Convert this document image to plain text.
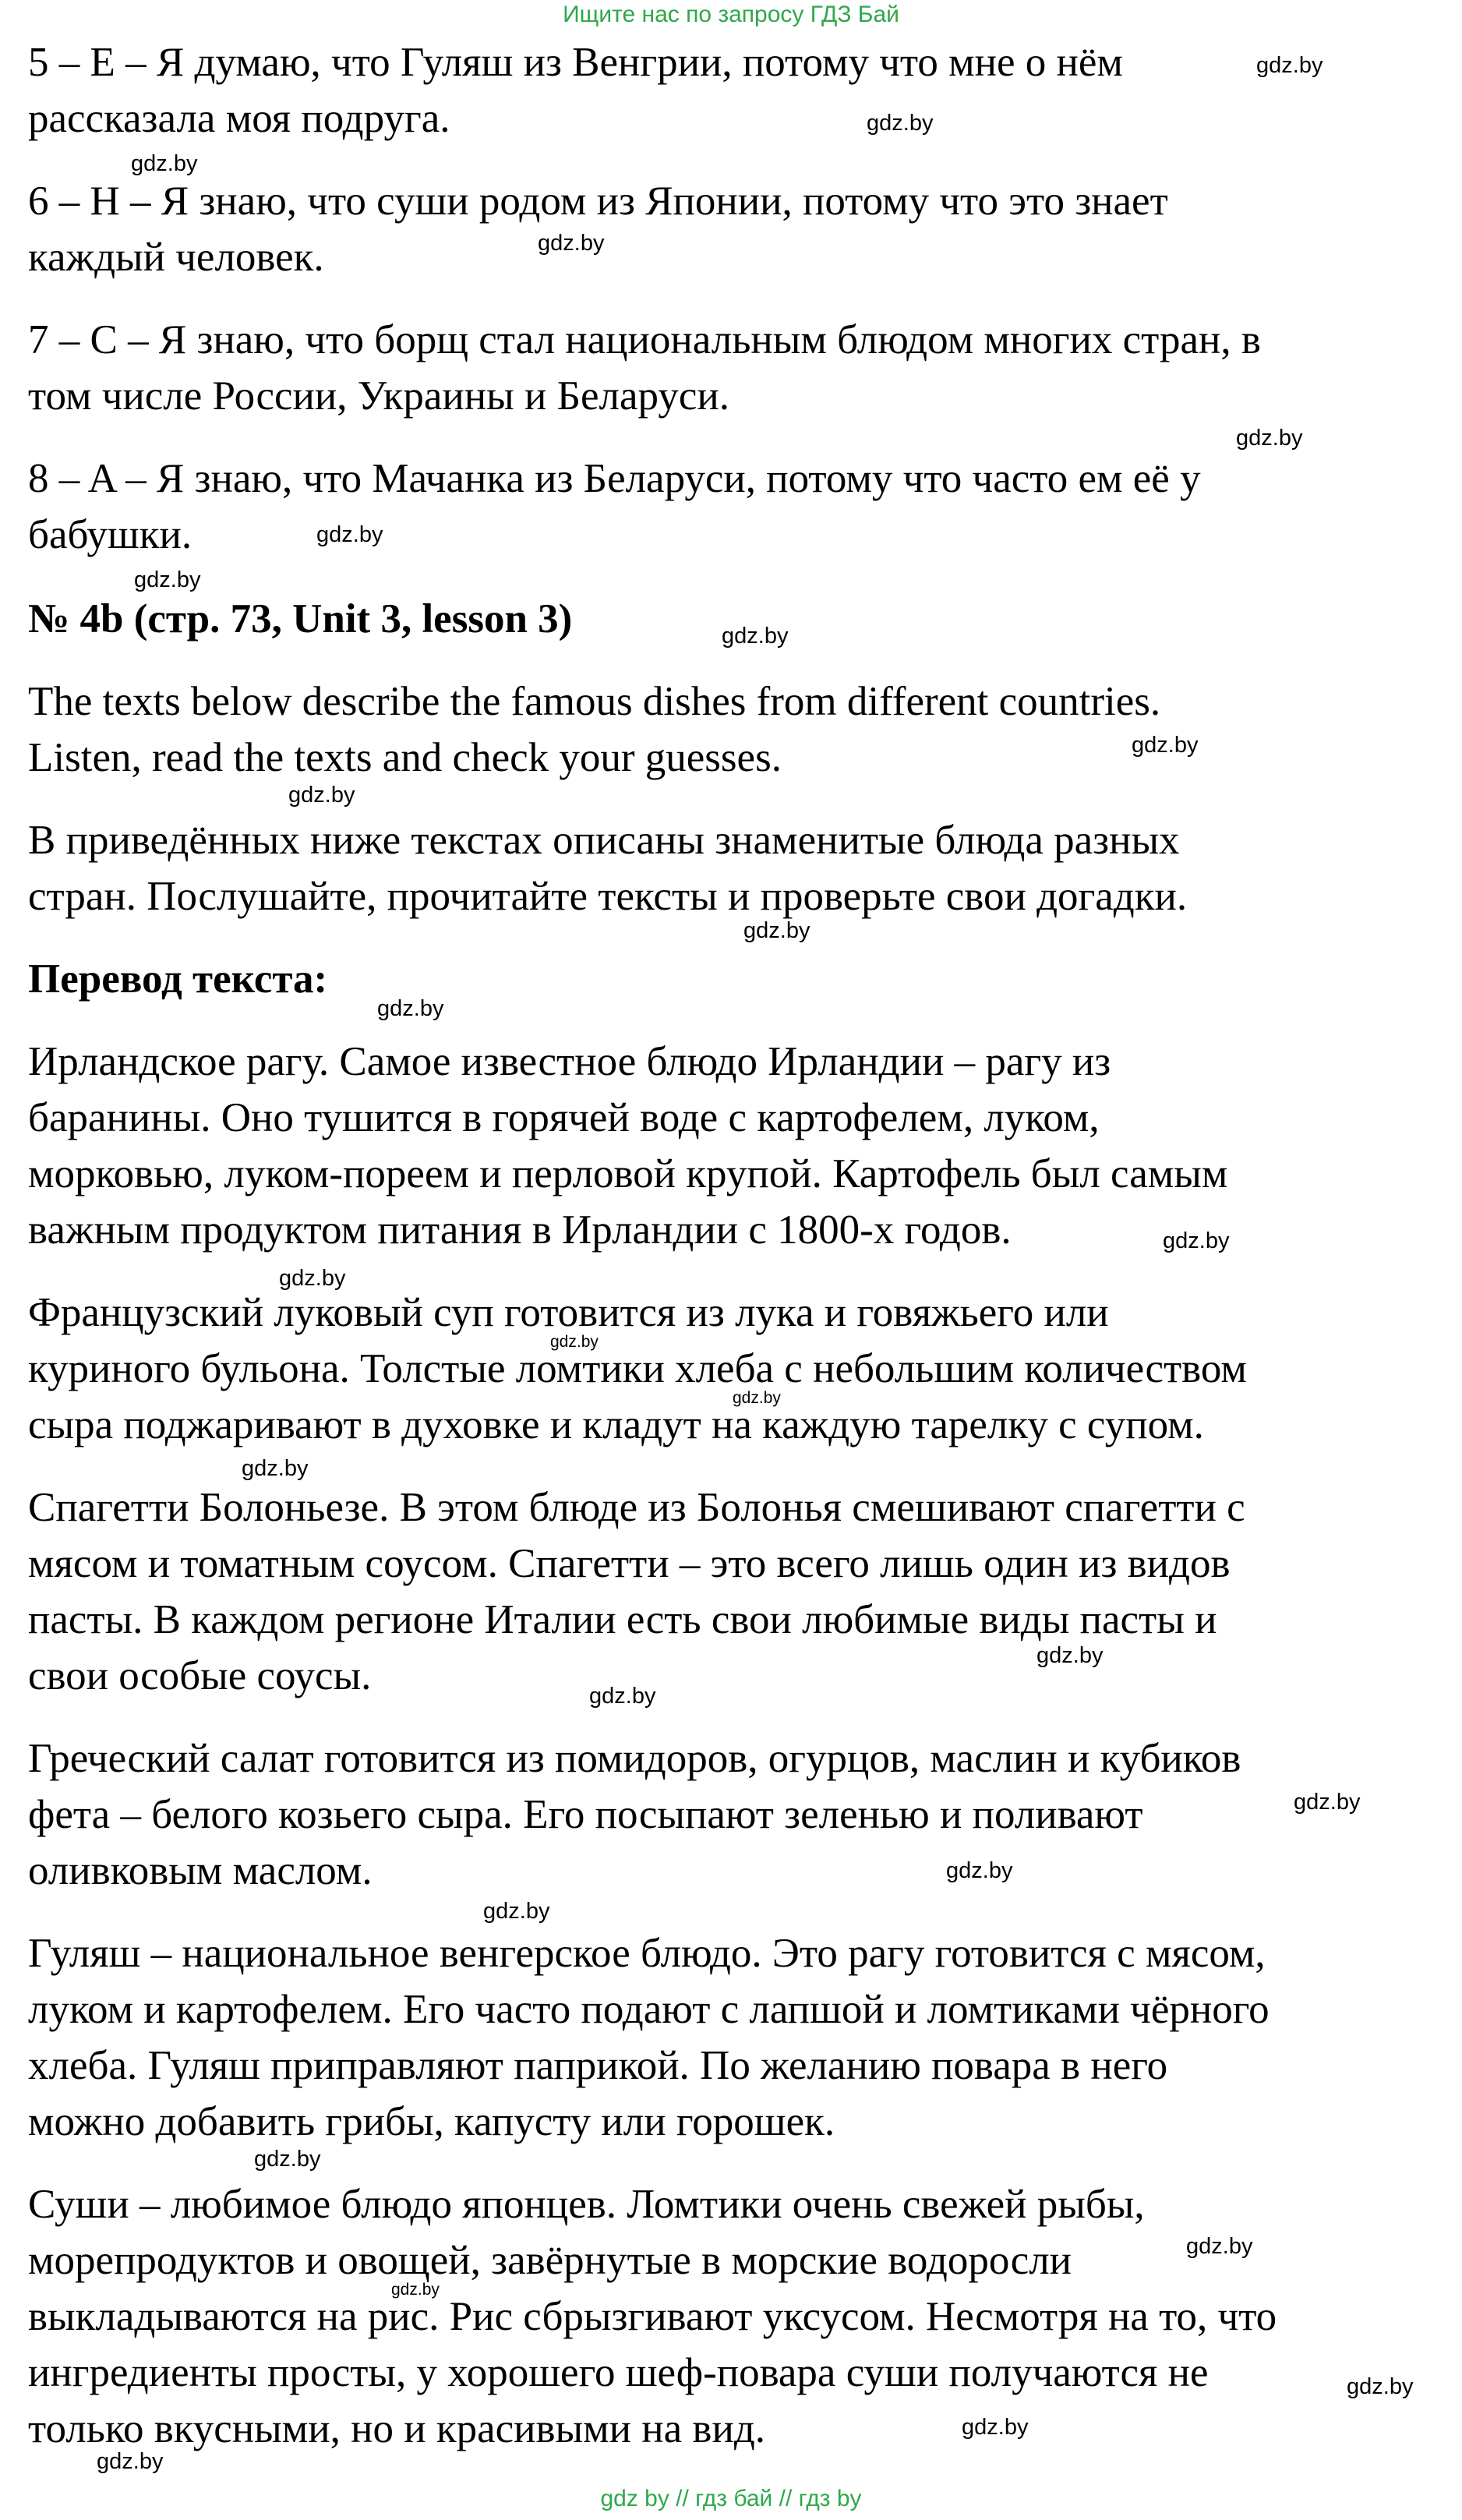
Ищите нас по запросу ГДЗ Бай
5 – E – Я думаю, что Гуляш из Венгрии, потому что мне о нём
рассказала моя подруга.
6 – H – Я знаю, что суши родом из Японии, потому что это знает
каждый человек.
7 – C – Я знаю, что борщ стал национальным блюдом многих стран, в
том числе России, Украины и Беларуси.
8 – A – Я знаю, что Мачанка из Беларуси, потому что часто ем её у
бабушки.
№ 4b (стр. 73, Unit 3, lesson 3)
The texts below describe the famous dishes from different countries.
Listen, read the texts and check your guesses.
В приведённых ниже текстах описаны знаменитые блюда разных
стран. Послушайте, прочитайте тексты и проверьте свои догадки.
Перевод текста:
Ирландское рагу. Самое известное блюдо Ирландии – рагу из
баранины. Оно тушится в горячей воде с картофелем, луком,
морковью, луком-пореем и перловой крупой. Картофель был самым
важным продуктом питания в Ирландии с 1800-х годов.
Французский луковый суп готовится из лука и говяжьего или
куриного бульона. Толстые ломтики хлеба с небольшим количеством
сыра поджаривают в духовке и кладут на каждую тарелку с супом.
Спагетти Болоньезе. В этом блюде из Болонья смешивают спагетти с
мясом и томатным соусом. Спагетти – это всего лишь один из видов
пасты. В каждом регионе Италии есть свои любимые виды пасты и
свои особые соусы.
Греческий салат готовится из помидоров, огурцов, маслин и кубиков
фета – белого козьего сыра. Его посыпают зеленью и поливают
оливковым маслом.
Гуляш – национальное венгерское блюдо. Это рагу готовится с мясом,
луком и картофелем. Его часто подают с лапшой и ломтиками чёрного
хлеба. Гуляш приправляют паприкой. По желанию повара в него
можно добавить грибы, капусту или горошек.
Суши – любимое блюдо японцев. Ломтики очень свежей рыбы,
морепродуктов и овощей, завёрнутые в морские водоросли
выкладываются на рис. Рис сбрызгивают уксусом. Несмотря на то, что
ингредиенты просты, у хорошего шеф-повара суши получаются не
только вкусными, но и красивыми на вид.
gdz.by
gdz.by
gdz.by
gdz.by
gdz.by
gdz.by
gdz.by
gdz.by
gdz.by
gdz.by
gdz.by
gdz.by
gdz.by
gdz.by
gdz.by
gdz.by
gdz.by
gdz.by
gdz.by
gdz.by
gdz.by
gdz.by
gdz.by
gdz.by
gdz.by
gdz.by
gdz.by
gdz.by
gdz by // гдз бай // гдз by
